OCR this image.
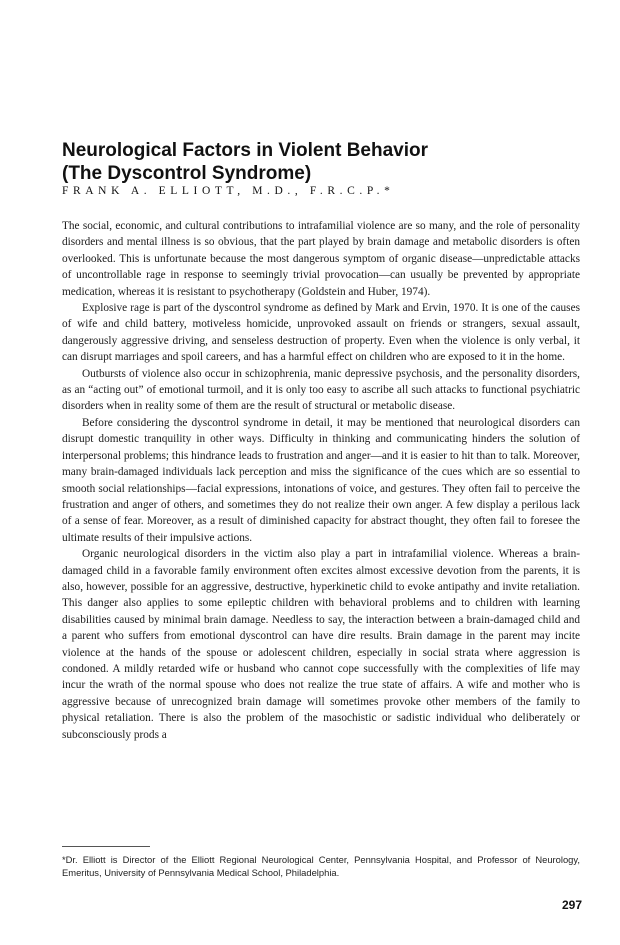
Neurological Factors in Violent Behavior
(The Dyscontrol Syndrome)
FRANK A. ELLIOTT, M.D., F.R.C.P.*

The social, economic, and cultural contributions to intrafamilial violence are so many, and the role of personality disorders and mental illness is so obvious, that the part played by brain damage and metabolic disorders is often overlooked. This is unfortunate because the most dangerous symptom of organic disease—unpredictable attacks of uncontrollable rage in response to seemingly trivial provocation—can usually be prevented by appropriate medication, whereas it is resistant to psychotherapy (Goldstein and Huber, 1974).

Explosive rage is part of the dyscontrol syndrome as defined by Mark and Ervin, 1970. It is one of the causes of wife and child battery, motiveless homicide, unprovoked assault on friends or strangers, sexual assault, dangerously aggressive driving, and senseless destruction of property. Even when the violence is only verbal, it can disrupt marriages and spoil careers, and has a harmful effect on children who are exposed to it in the home.

Outbursts of violence also occur in schizophrenia, manic depressive psychosis, and the personality disorders, as an “acting out” of emotional turmoil, and it is only too easy to ascribe all such attacks to functional psychiatric disorders when in reality some of them are the result of structural or metabolic disease.

Before considering the dyscontrol syndrome in detail, it may be mentioned that neurological disorders can disrupt domestic tranquility in other ways. Difficulty in thinking and communicating hinders the solution of interpersonal problems; this hindrance leads to frustration and anger—and it is easier to hit than to talk. Moreover, many brain-damaged individuals lack perception and miss the significance of the cues which are so essential to smooth social relationships—facial expressions, intonations of voice, and gestures. They often fail to perceive the frustration and anger of others, and sometimes they do not realize their own anger. A few display a perilous lack of a sense of fear. Moreover, as a result of diminished capacity for abstract thought, they often fail to foresee the ultimate results of their impulsive actions.

Organic neurological disorders in the victim also play a part in intrafamilial violence. Whereas a brain-damaged child in a favorable family environment often excites almost excessive devotion from the parents, it is also, however, possible for an aggressive, destructive, hyperkinetic child to evoke antipathy and invite retaliation. This danger also applies to some epileptic children with behavioral problems and to children with learning disabilities caused by minimal brain damage. Needless to say, the interaction between a brain-damaged child and a parent who suffers from emotional dyscontrol can have dire results. Brain damage in the parent may incite violence at the hands of the spouse or adolescent children, especially in social strata where aggression is condoned. A mildly retarded wife or husband who cannot cope successfully with the complexities of life may incur the wrath of the normal spouse who does not realize the true state of affairs. A wife and mother who is aggressive because of unrecognized brain damage will sometimes provoke other members of the family to physical retaliation. There is also the problem of the masochistic or sadistic individual who deliberately or subconsciously prods a

*Dr. Elliott is Director of the Elliott Regional Neurological Center, Pennsylvania Hospital, and Professor of Neurology, Emeritus, University of Pennsylvania Medical School, Philadelphia.
297
